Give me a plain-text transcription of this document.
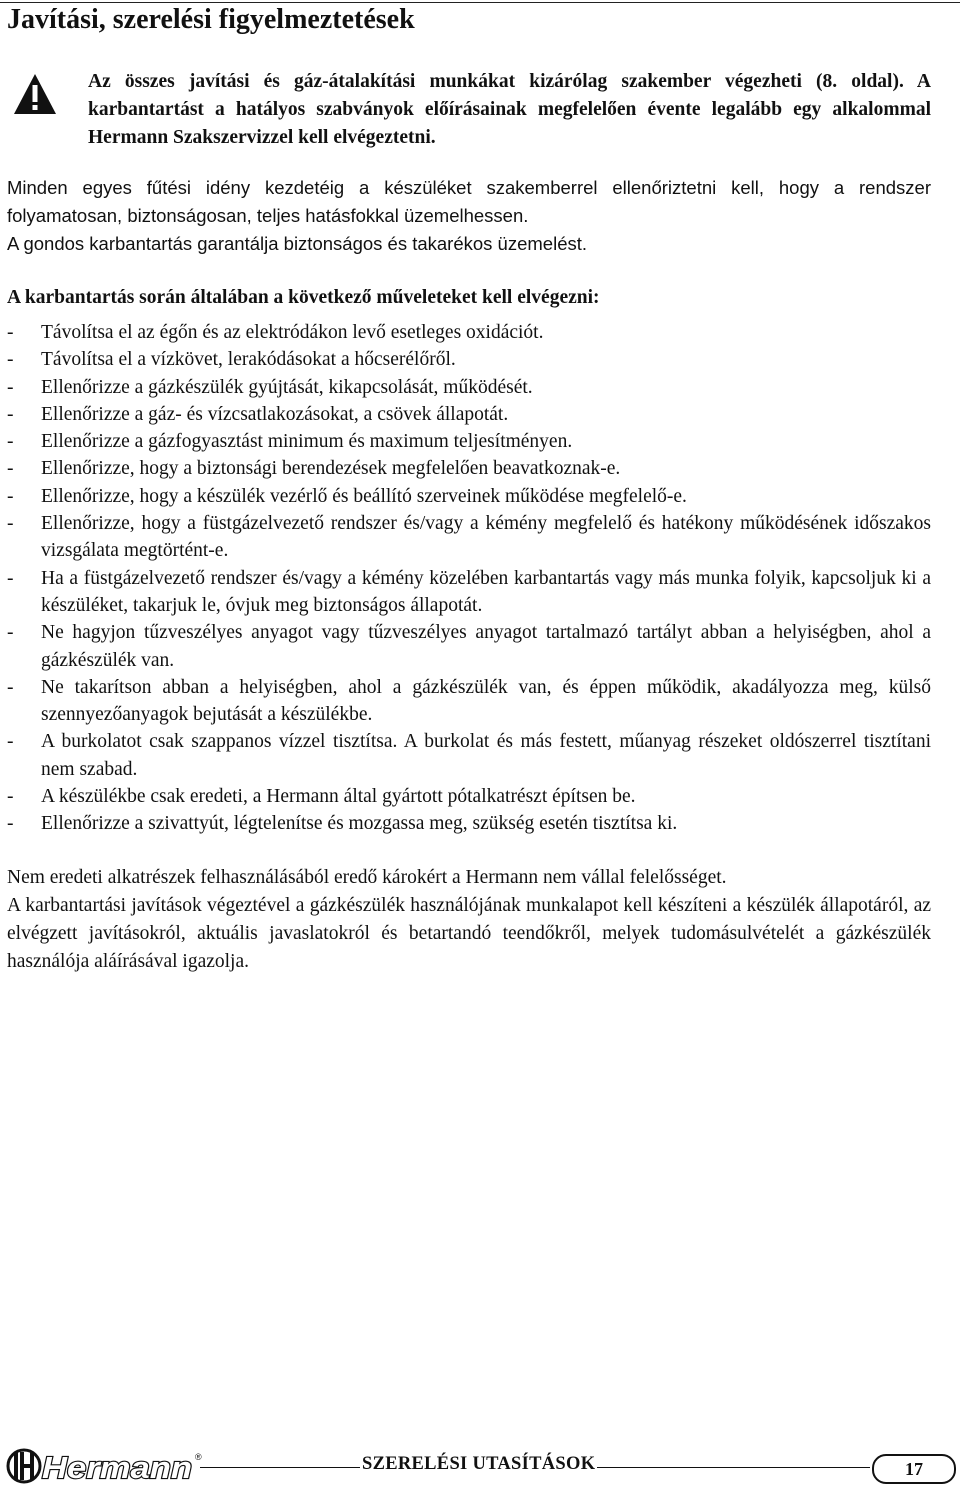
Javítási, szerelési figyelmeztetések

Az összes javítási és gáz-átalakítási munkákat kizárólag szakember végezheti (8. oldal). A karbantartást a hatályos szabványok előírásainak megfelelően évente legalább egy alkalommal Hermann Szakszervizzel kell elvégeztetni.

Minden egyes fűtési idény kezdetéig a készüléket szakemberrel ellenőriztetni kell, hogy a rendszer folyamatosan, biztonságosan, teljes hatásfokkal üzemelhessen.

A gondos karbantartás garantálja biztonságos és takarékos üzemelést.

A karbantartás során általában a következő műveleteket kell elvégezni:
- Távolítsa el az égőn és az elektródákon levő esetleges oxidációt.
- Távolítsa el a vízkövet, lerakódásokat a hőcserélőről.
- Ellenőrizze a gázkészülék gyújtását, kikapcsolását, működését.
- Ellenőrizze a gáz- és vízcsatlakozásokat, a csövek állapotát.
- Ellenőrizze a gázfogyasztást minimum és maximum teljesítményen.
- Ellenőrizze, hogy a biztonsági berendezések megfelelően beavatkoznak-e.
- Ellenőrizze, hogy a készülék vezérlő és beállító szerveinek működése megfelelő-e.
- Ellenőrizze, hogy a füstgázelvezető rendszer és/vagy a kémény megfelelő és hatékony működésének időszakos vizsgálata megtörtént-e.
- Ha a füstgázelvezető rendszer és/vagy a kémény közelében karbantartás vagy más munka folyik, kapcsoljuk ki a készüléket, takarjuk le, óvjuk meg biztonságos állapotát.
- Ne hagyjon tűzveszélyes anyagot vagy tűzveszélyes anyagot tartalmazó tartályt abban a helyiségben, ahol a gázkészülék van.
- Ne takarítson abban a helyiségben, ahol a gázkészülék van, és éppen működik, akadályozza meg, külső szennyezőanyagok bejutását a készülékbe.
- A burkolatot csak szappanos vízzel tisztítsa. A burkolat és más festett, műanyag részeket oldószerrel tisztítani nem szabad.
- A készülékbe csak eredeti, a Hermann által gyártott pótalkatrészt építsen be.
- Ellenőrizze a szivattyút, légtelenítse és mozgassa meg, szükség esetén tisztítsa ki.

Nem eredeti alkatrészek felhasználásából eredő károkért a Hermann nem vállal felelősséget.

A karbantartási javítások végeztével a gázkészülék használójának munkalapot kell készíteni a készülék állapotáról, az elvégzett javításokról, aktuális javaslatokról és betartandó teendőkről, melyek tudomásulvételét a gázkészülék használója aláírásával igazolja.

Hermann ®	SZERELÉSI UTASÍTÁSOK	17
